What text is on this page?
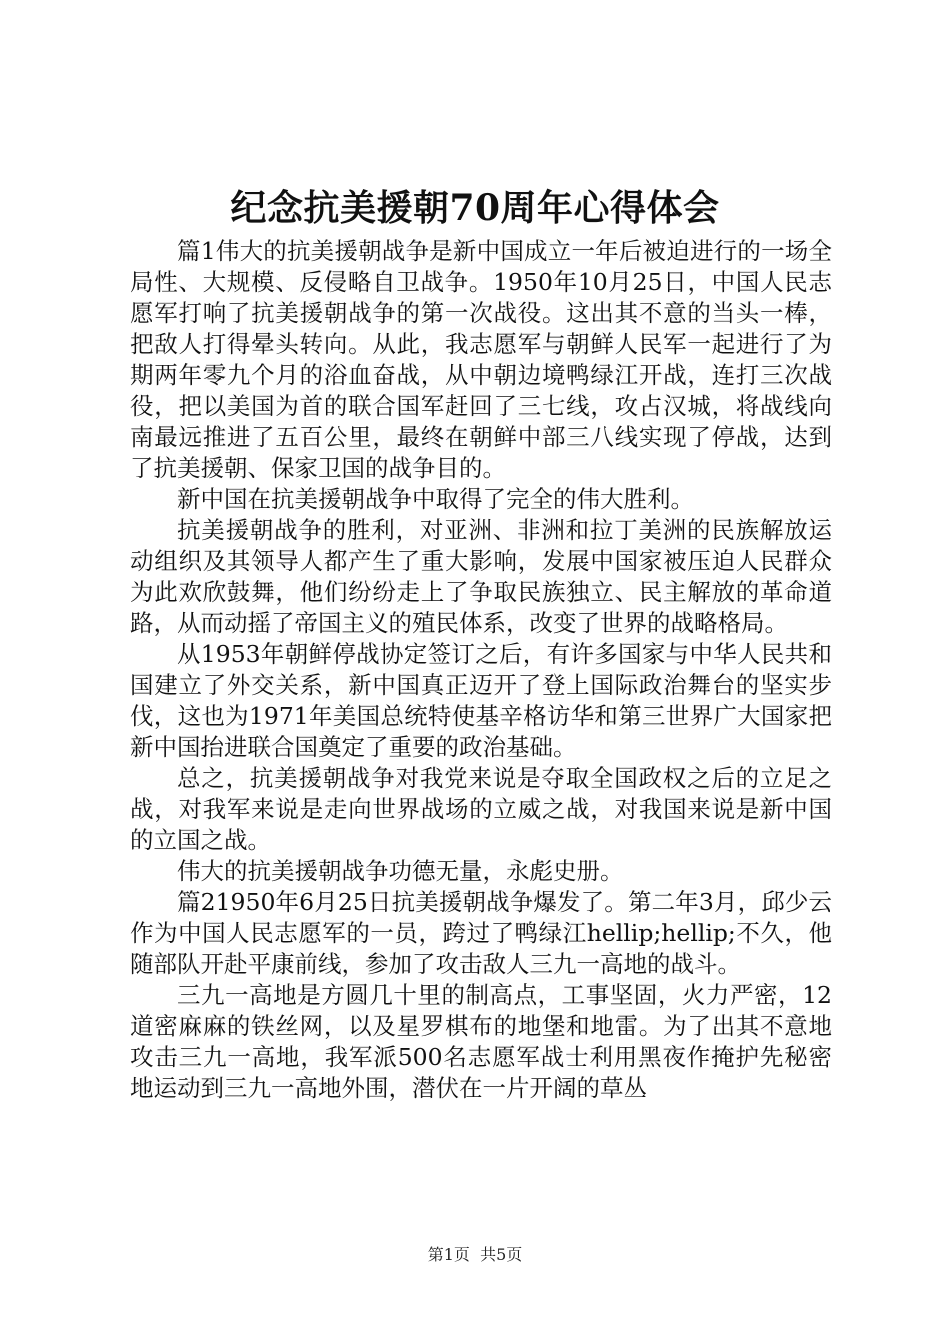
纪念抗美援朝70周年心得体会

篇1伟大的抗美援朝战争是新中国成立一年后被迫进行的一场全局性、大规模、反侵略自卫战争。1950年10月25日，中国人民志愿军打响了抗美援朝战争的第一次战役。这出其不意的当头一棒，把敌人打得晕头转向。从此，我志愿军与朝鲜人民军一起进行了为期两年零九个月的浴血奋战，从中朝边境鸭绿江开战，连打三次战役，把以美国为首的联合国军赶回了三七线，攻占汉城，将战线向南最远推进了五百公里，最终在朝鲜中部三八线实现了停战，达到了抗美援朝、保家卫国的战争目的。

新中国在抗美援朝战争中取得了完全的伟大胜利。

抗美援朝战争的胜利，对亚洲、非洲和拉丁美洲的民族解放运动组织及其领导人都产生了重大影响，发展中国家被压迫人民群众为此欢欣鼓舞，他们纷纷走上了争取民族独立、民主解放的革命道路，从而动摇了帝国主义的殖民体系，改变了世界的战略格局。

从1953年朝鲜停战协定签订之后，有许多国家与中华人民共和国建立了外交关系，新中国真正迈开了登上国际政治舞台的坚实步伐，这也为1971年美国总统特使基辛格访华和第三世界广大国家把新中国抬进联合国奠定了重要的政治基础。

总之，抗美援朝战争对我党来说是夺取全国政权之后的立足之战，对我军来说是走向世界战场的立威之战，对我国来说是新中国的立国之战。

伟大的抗美援朝战争功德无量，永彪史册。

篇21950年6月25日抗美援朝战争爆发了。第二年3月，邱少云作为中国人民志愿军的一员，跨过了鸭绿江hellip;hellip;不久，他随部队开赴平康前线，参加了攻击敌人三九一高地的战斗。

三九一高地是方圆几十里的制高点，工事坚固，火力严密，12道密麻麻的铁丝网，以及星罗棋布的地堡和地雷。为了出其不意地攻击三九一高地，我军派500名志愿军战士利用黑夜作掩护先秘密地运动到三九一高地外围，潜伏在一片开阔的草丛

第1页  共5页
